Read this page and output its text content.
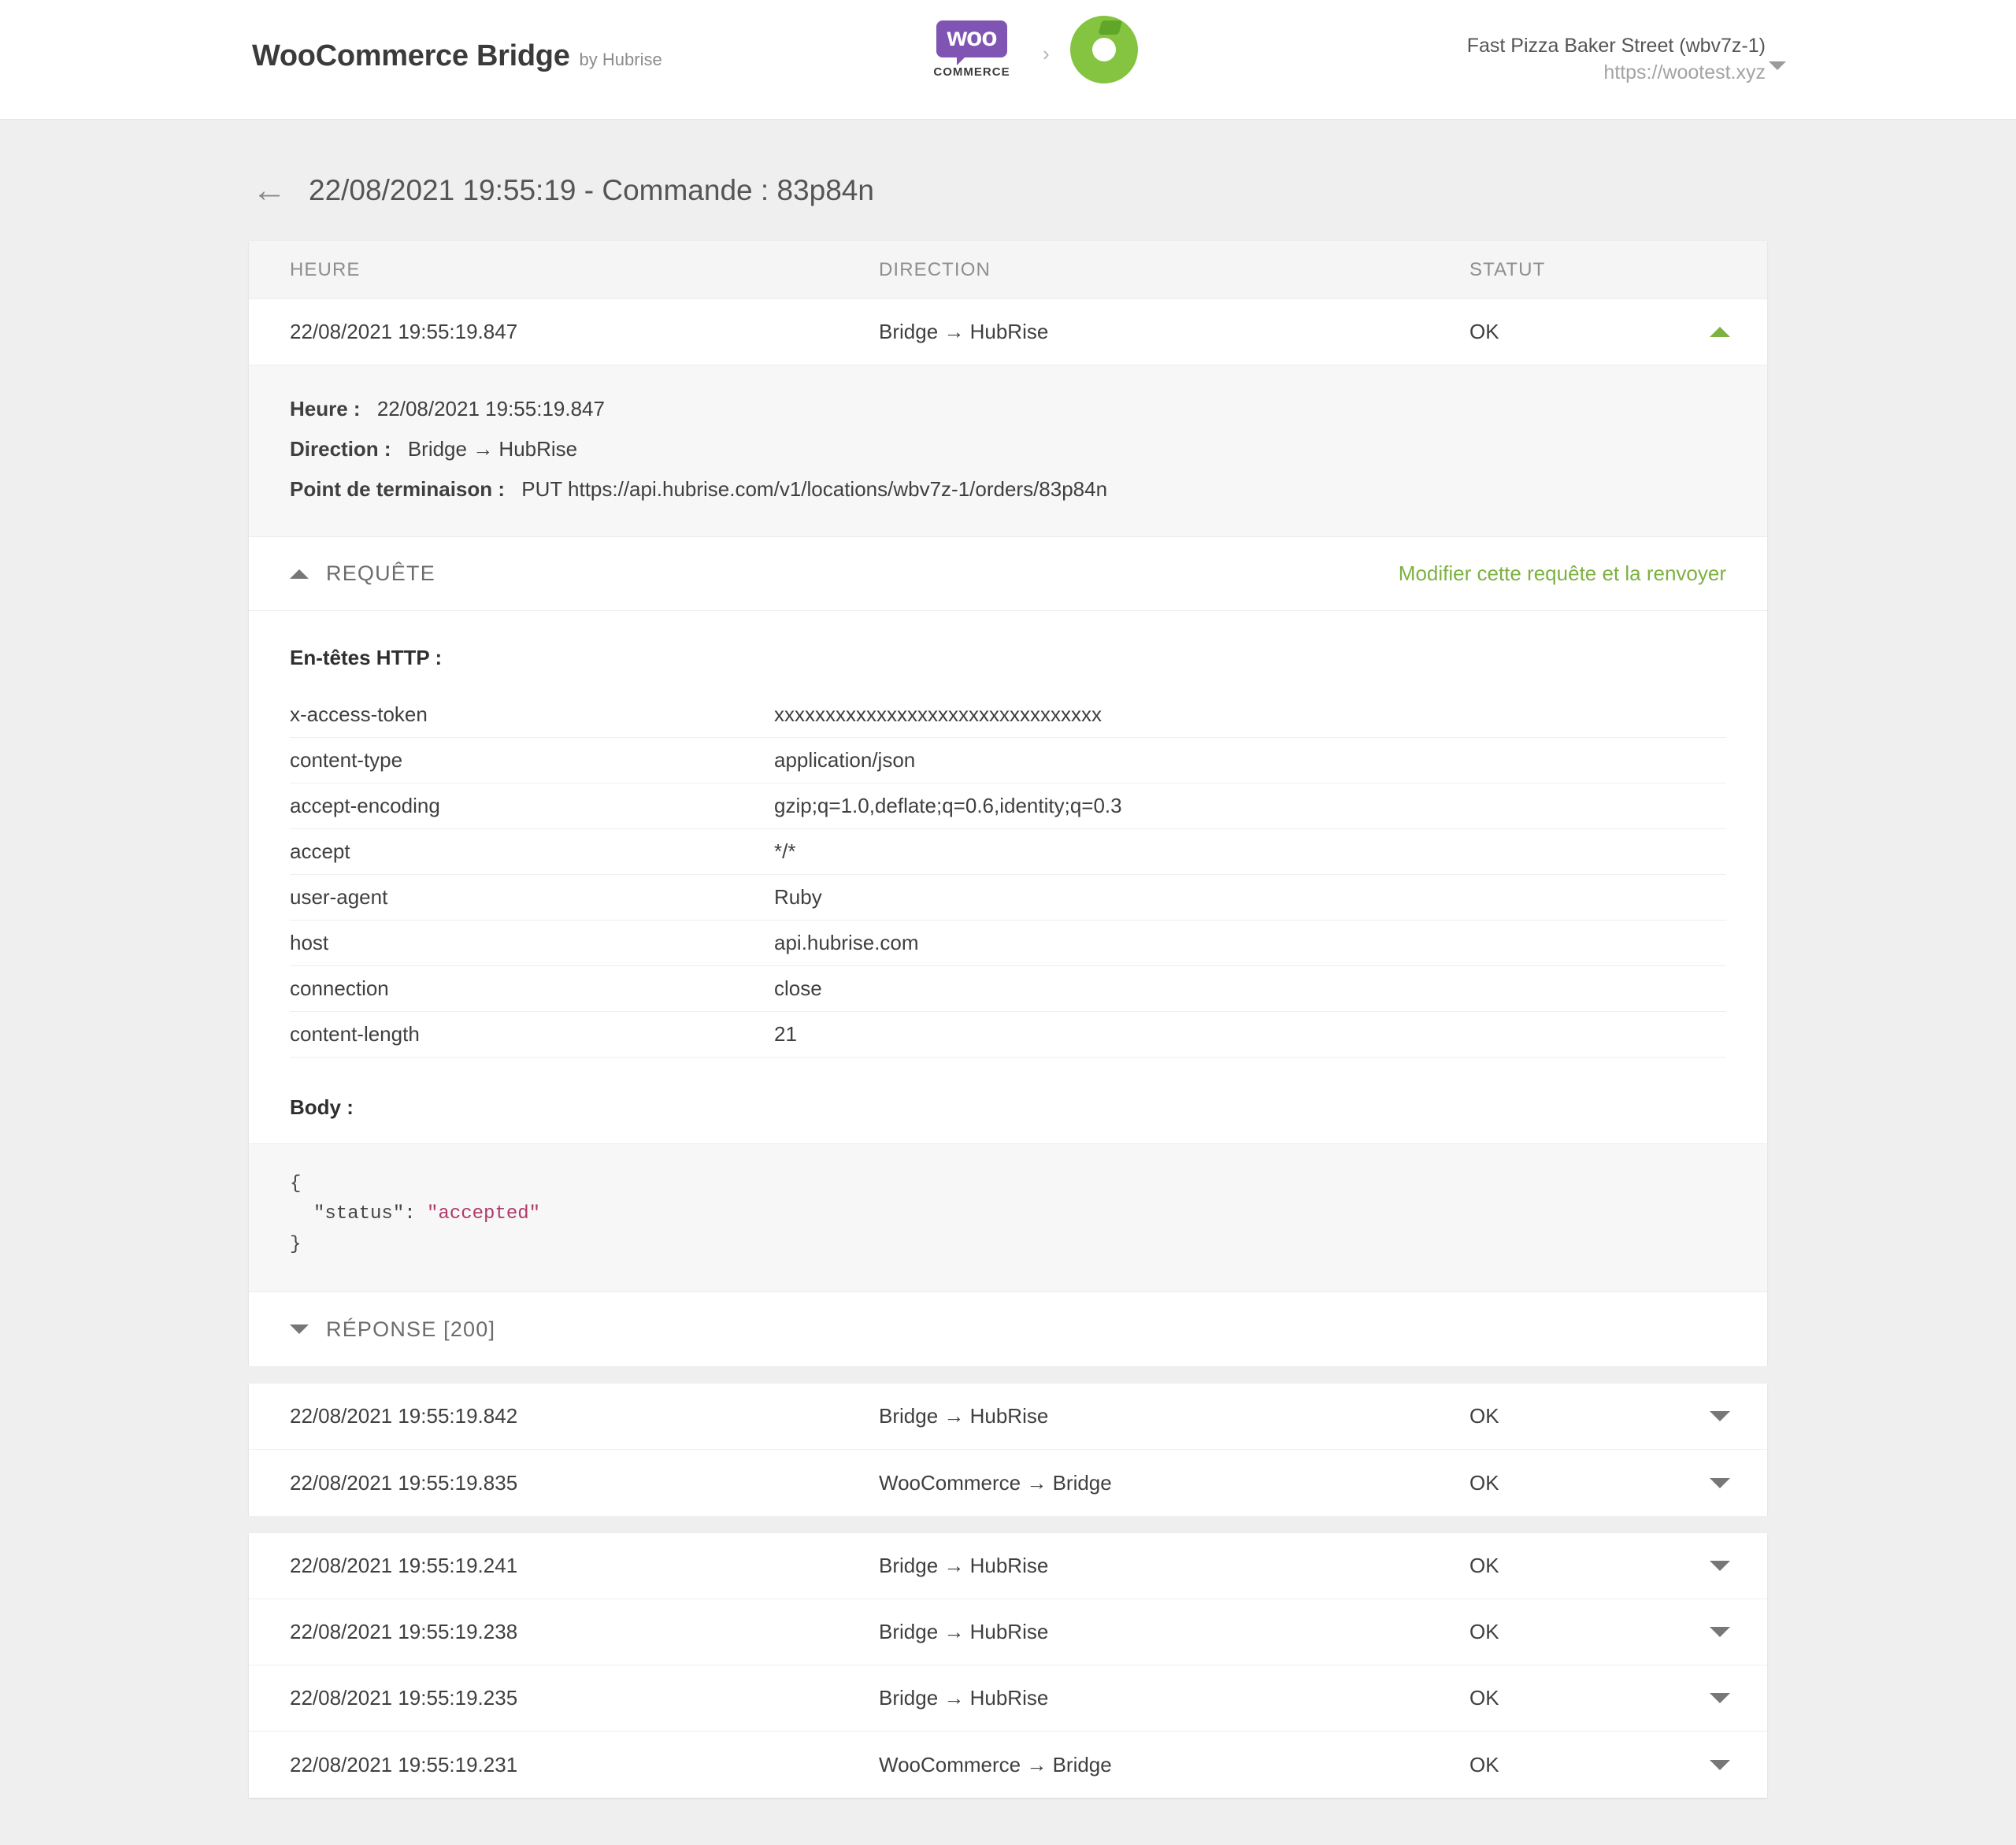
WooCommerce Bridge by Hubrise
woo
COMMERCE
›	Fast Pizza Baker Street (wbv7z-1)
https://wootest.xyz
← 22/08/2021 19:55:19 - Commande : 83p84n
HEURE	DIRECTION	STATUT
22/08/2021 19:55:19.847	Bridge → HubRise	OK
Heure : 22/08/2021 19:55:19.847
Direction : Bridge → HubRise
Point de terminaison : PUT https://api.hubrise.com/v1/locations/wbv7z-1/orders/83p84n
REQUÊTE	Modifier cette requête et la renvoyer
En-têtes HTTP :
x-access-token	xxxxxxxxxxxxxxxxxxxxxxxxxxxxxxxx
content-type	application/json
accept-encoding	gzip;q=1.0,deflate;q=0.6,identity;q=0.3
accept	*/*
user-agent	Ruby
host	api.hubrise.com
connection	close
content-length	21
Body :
{
"status": "accepted"
}
RÉPONSE [200]
22/08/2021 19:55:19.842	Bridge → HubRise	OK
22/08/2021 19:55:19.835	WooCommerce → Bridge	OK
22/08/2021 19:55:19.241	Bridge → HubRise	OK
22/08/2021 19:55:19.238	Bridge → HubRise	OK
22/08/2021 19:55:19.235	Bridge → HubRise	OK
22/08/2021 19:55:19.231	WooCommerce → Bridge	OK
